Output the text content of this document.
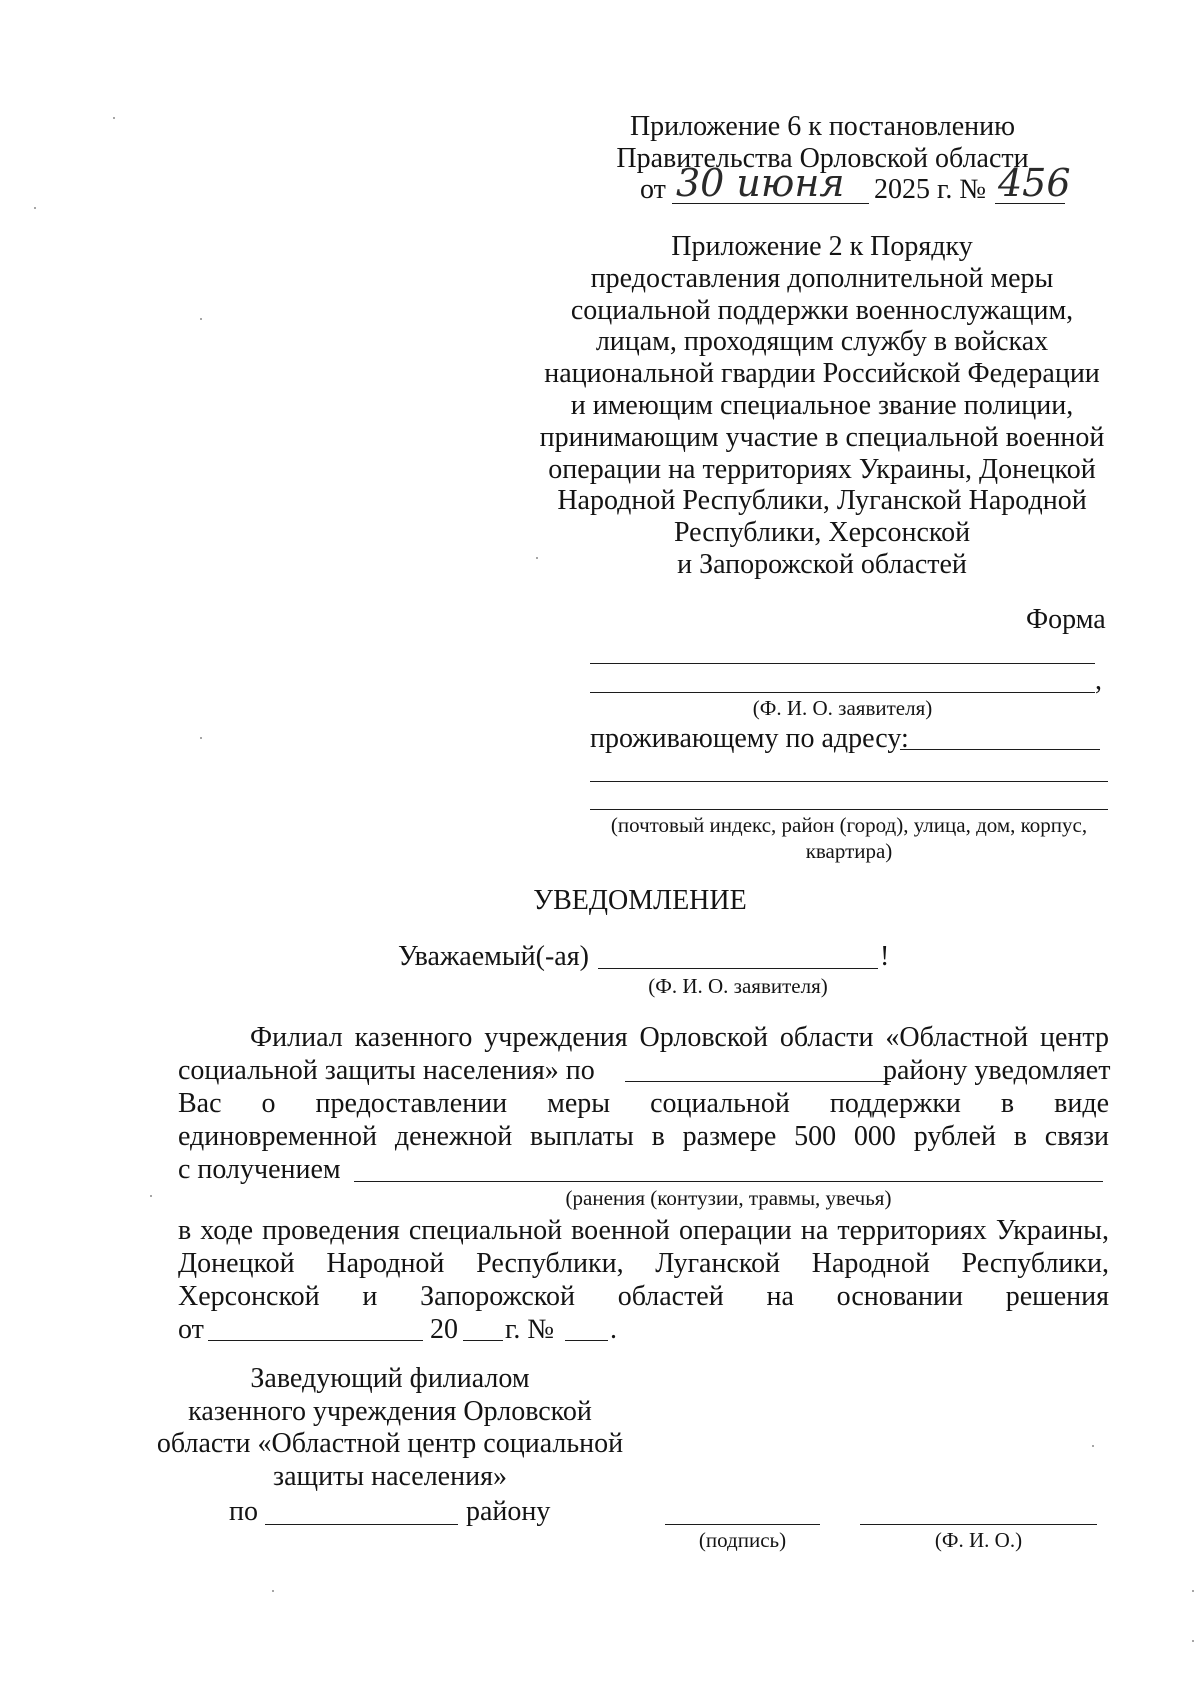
Приложение 6 к постановлению
Правительства Орловской области
от 30 июня 2025 г. № 456
Приложение 2 к Порядку
предоставления дополнительной меры
социальной поддержки военнослужащим,
лицам, проходящим службу в войсках
национальной гвардии Российской Федерации
и имеющим специальное звание полиции,
принимающим участие в специальной военной
операции на территориях Украины, Донецкой
Народной Республики, Луганской Народной
Республики, Херсонской
и Запорожской областей
Форма
,
(Ф. И. О. заявителя)
проживающему по адресу:
(почтовый индекс, район (город), улица, дом, корпус,
квартира)
УВЕДОМЛЕНИЕ
Уважаемый(-ая)	!
(Ф. И. О. заявителя)
Филиал казенного учреждения Орловской области «Областной центр
социальной защиты населения» по	району уведомляет
Вас о предоставлении меры социальной поддержки в виде
единовременной денежной выплаты в размере 500 000 рублей в связи
с получением
(ранения (контузии, травмы, увечья)
в ходе проведения специальной военной операции на территориях Украины,
Донецкой Народной Республики, Луганской Народной Республики,
Херсонской и Запорожской областей на основании решения
от	20 г. № .
Заведующий филиалом
казенного учреждения Орловской
области «Областной центр социальной
защиты населения»
по	району
(подпись)	(Ф. И. О.)
